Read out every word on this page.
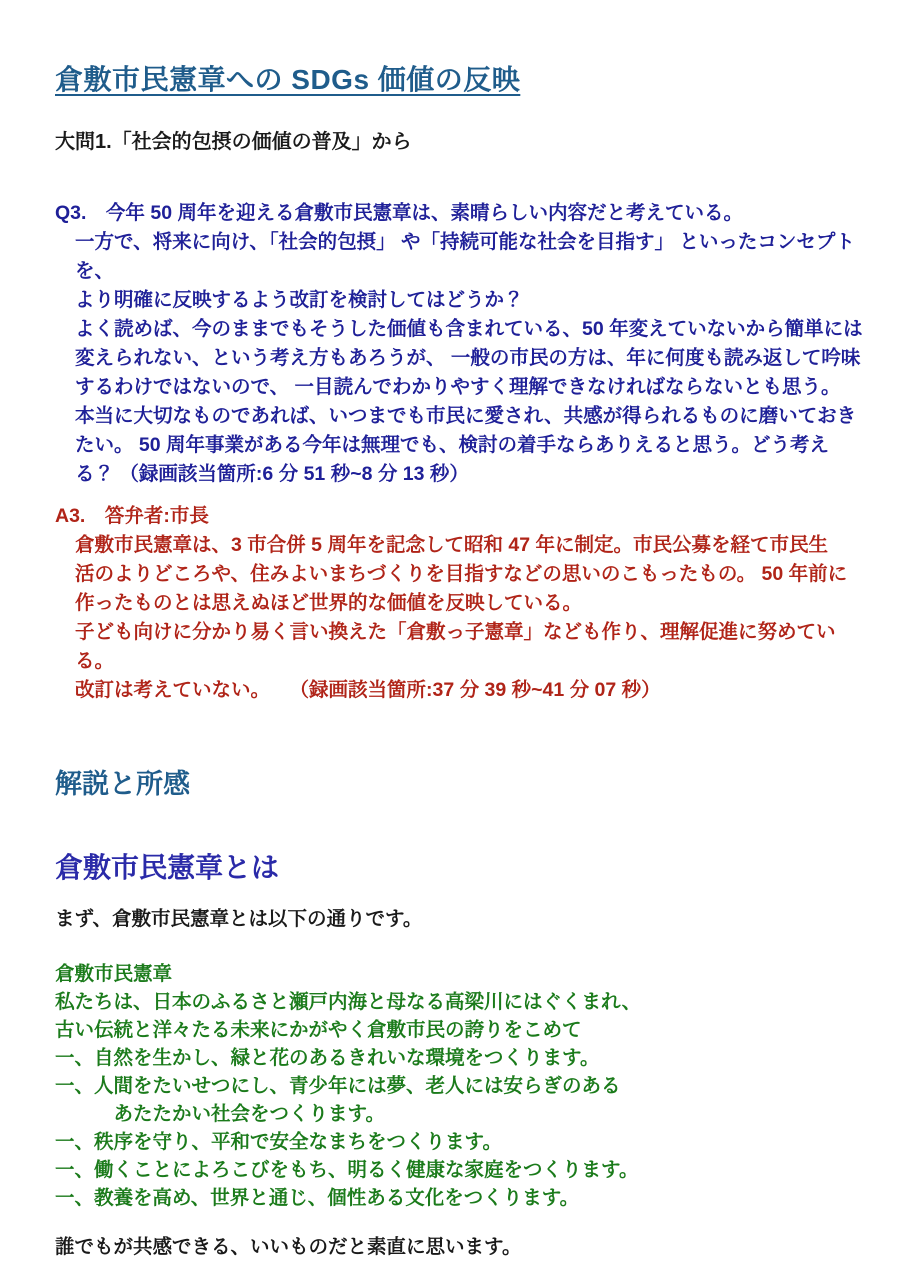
倉敷市民憲章への SDGs 価値の反映
大問1.「社会的包摂の価値の普及」から
Q3.　今年 50 周年を迎える倉敷市民憲章は、素晴らしい内容だと考えている。
一方で、将来に向け、「社会的包摂」 や「持続可能な社会を目指す」 といったコンセプトを、
より明確に反映するよう改訂を検討してはどうか？
よく読めば、今のままでもそうした価値も含まれている、50 年変えていないから簡単には
変えられない、という考え方もあろうが、 一般の市民の方は、年に何度も読み返して吟味
するわけではないので、 一目読んでわかりやすく理解できなければならないとも思う。
本当に大切なものであれば、いつまでも市民に愛され、共感が得られるものに磨いておき
たい。 50 周年事業がある今年は無理でも、検討の着手ならありえると思う。どう考え
る？ （録画該当箇所:6 分 51 秒~8 分 13 秒）
A3.　答弁者:市長
倉敷市民憲章は、3 市合併 5 周年を記念して昭和 47 年に制定。市民公募を経て市民生
活のよりどころや、住みよいまちづくりを目指すなどの思いのこもったもの。 50 年前に
作ったものとは思えぬほど世界的な価値を反映している。
子ども向けに分かり易く言い換えた「倉敷っ子憲章」なども作り、理解促進に努めている。
改訂は考えていない。　　（録画該当箇所:37 分 39 秒~41 分 07 秒）
解説と所感
倉敷市民憲章とは
まず、倉敷市民憲章とは以下の通りです。
倉敷市民憲章
私たちは、日本のふるさと瀬戸内海と母なる高梁川にはぐくまれ、
古い伝統と洋々たる未来にかがやく倉敷市民の誇りをこめて
一、自然を生かし、緑と花のあるきれいな環境をつくります。
一、人間をたいせつにし、青少年には夢、老人には安らぎのある
　　　あたたかい社会をつくります。
一、秩序を守り、平和で安全なまちをつくります。
一、働くことによろこびをもち、明るく健康な家庭をつくります。
一、教養を高め、世界と通じ、個性ある文化をつくります。
誰でもが共感できる、いいものだと素直に思います。
